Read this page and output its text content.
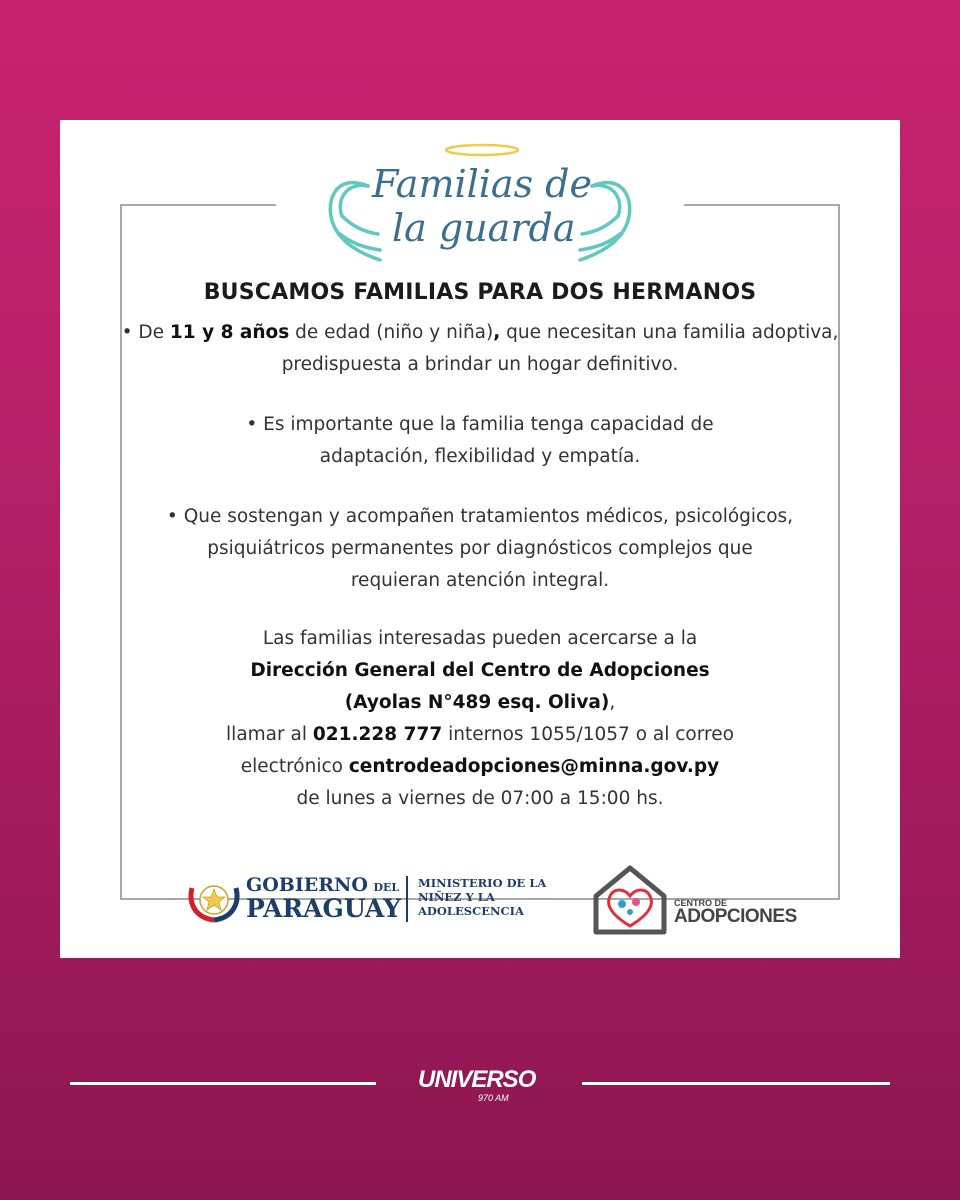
Familias de
la guarda
BUSCAMOS FAMILIAS PARA DOS HERMANOS

• De 11 y 8 años de edad (niño y niña), que necesitan una familia adoptiva, predispuesta a brindar un hogar definitivo.

• Es importante que la familia tenga capacidad de adaptación, flexibilidad y empatía.

• Que sostengan y acompañen tratamientos médicos, psicológicos, psiquiátricos permanentes por diagnósticos complejos que requieran atención integral.

Las familias interesadas pueden acercarse a la

Dirección General del Centro de Adopciones

(Ayolas N°489 esq. Oliva),

llamar al 021.228 777 internos 1055/1057 o al correo

electrónico centrodeadopciones@minna.gov.py

de lunes a viernes de 07:00 a 15:00 hs.

GOBIERNO DEL
PARAGUAY
MINISTERIO DE LA NIÑEZ Y LA ADOLESCENCIA
CENTRO DE
ADOPCIONES
UNIVERSO
970 AM
